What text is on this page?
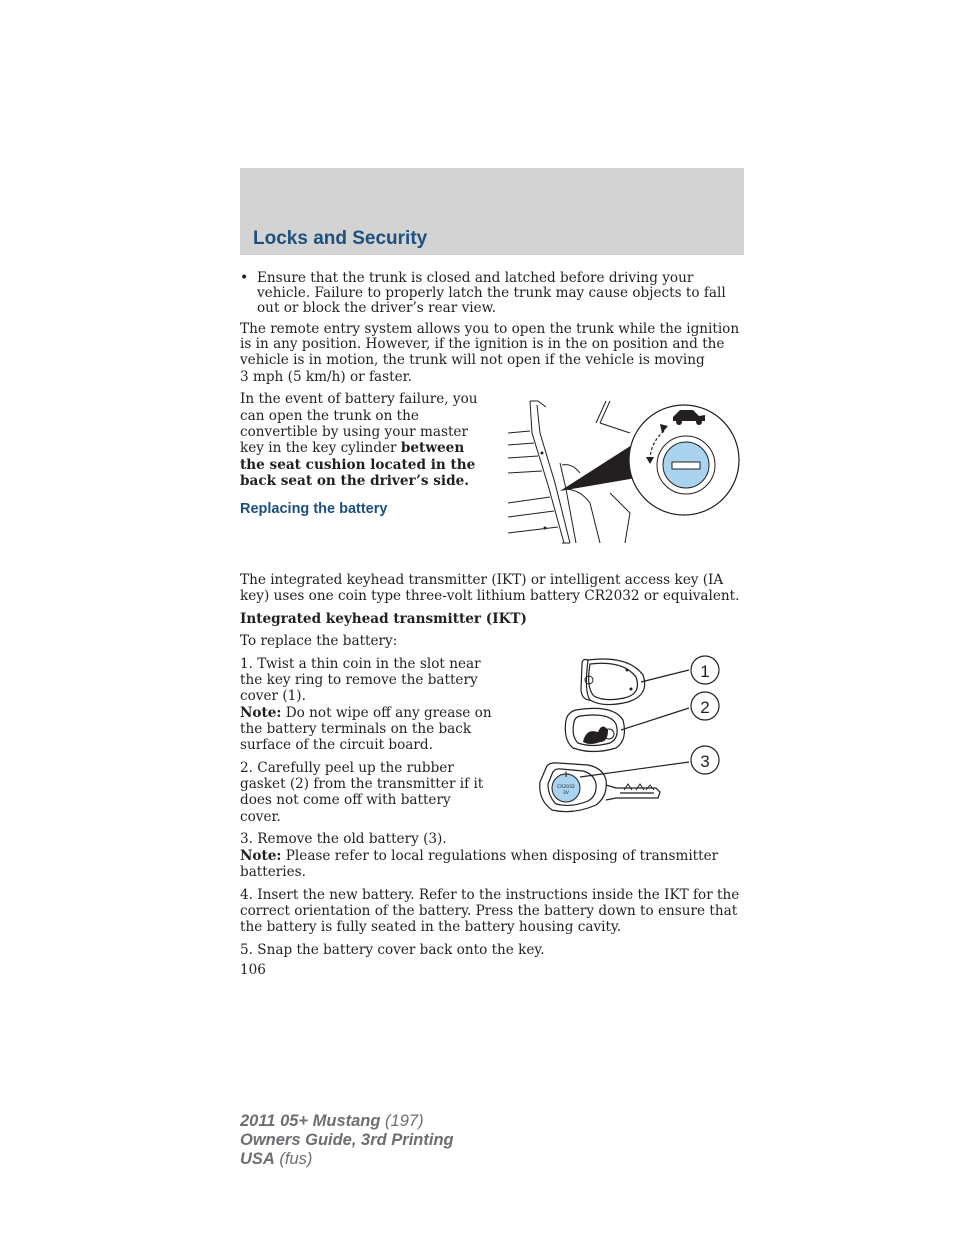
Locks and Security
• Ensure that the trunk is closed and latched before driving your

vehicle. Failure to properly latch the trunk may cause objects to fall

out or block the driver’s rear view.

The remote entry system allows you to open the trunk while the ignition

is in any position. However, if the ignition is in the on position and the

vehicle is in motion, the trunk will not open if the vehicle is moving

3 mph (5 km/h) or faster.

In the event of battery failure, you

can open the trunk on the

convertible by using your master

key in the key cylinder between

the seat cushion located in the

back seat on the driver’s side.

Replacing the battery

The integrated keyhead transmitter (IKT) or intelligent access key (IA

key) uses one coin type three-volt lithium battery CR2032 or equivalent.

Integrated keyhead transmitter (IKT)

To replace the battery:

1. Twist a thin coin in the slot near

the key ring to remove the battery

cover (1).

Note: Do not wipe off any grease on

the battery terminals on the back

surface of the circuit board.

2. Carefully peel up the rubber

gasket (2) from the transmitter if it

does not come off with battery

cover.

+
CR2032
3V
1
2
3

3. Remove the old battery (3).

Note: Please refer to local regulations when disposing of transmitter

batteries.

4. Insert the new battery. Refer to the instructions inside the IKT for the

correct orientation of the battery. Press the battery down to ensure that

the battery is fully seated in the battery housing cavity.

5. Snap the battery cover back onto the key.

106

2011 05+ Mustang (197)
Owners Guide, 3rd Printing
USA (fus)
